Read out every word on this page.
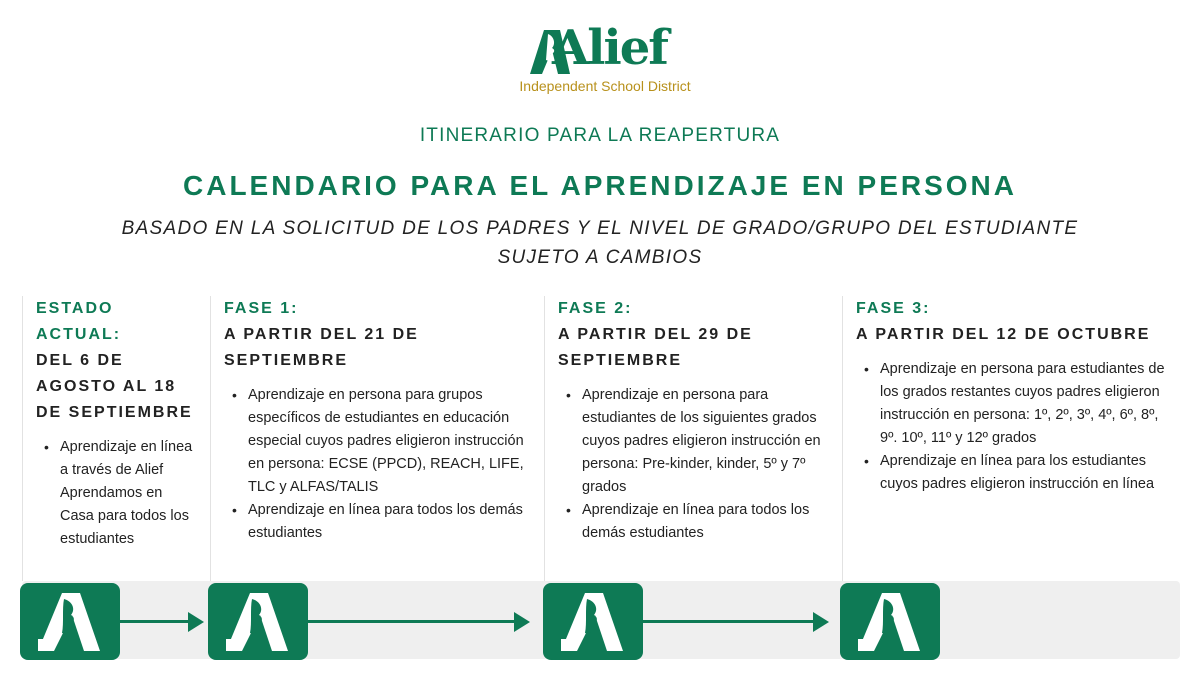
Alief
Independent School District
ITINERARIO PARA LA REAPERTURA
CALENDARIO PARA EL APRENDIZAJE EN PERSONA
BASADO EN LA SOLICITUD DE LOS PADRES Y EL NIVEL DE GRADO/GRUPO DEL ESTUDIANTE
SUJETO A CAMBIOS
ESTADO ACTUAL:
DEL 6 DE AGOSTO AL 18 DE SEPTIEMBRE
• Aprendizaje en línea a través de Alief Aprendamos en Casa para todos los estudiantes
FASE 1:
A PARTIR DEL 21 DE SEPTIEMBRE
• Aprendizaje en persona para grupos específicos de estudiantes en educación especial cuyos padres eligieron instrucción en persona: ECSE (PPCD), REACH, LIFE, TLC y ALFAS/TALIS
• Aprendizaje en línea para todos los demás estudiantes
FASE 2:
A PARTIR DEL 29 DE SEPTIEMBRE
• Aprendizaje en persona para estudiantes de los siguientes grados cuyos padres eligieron instrucción en persona: Pre-kinder, kinder, 5º y 7º grados
• Aprendizaje en línea para todos los demás estudiantes
FASE 3:
A PARTIR DEL 12 DE OCTUBRE
• Aprendizaje en persona para estudiantes de los grados restantes cuyos padres eligieron instrucción en persona: 1º, 2º, 3º, 4º, 6º, 8º, 9º. 10º, 11º y 12º grados
• Aprendizaje en línea para los estudiantes cuyos padres eligieron instrucción en línea
